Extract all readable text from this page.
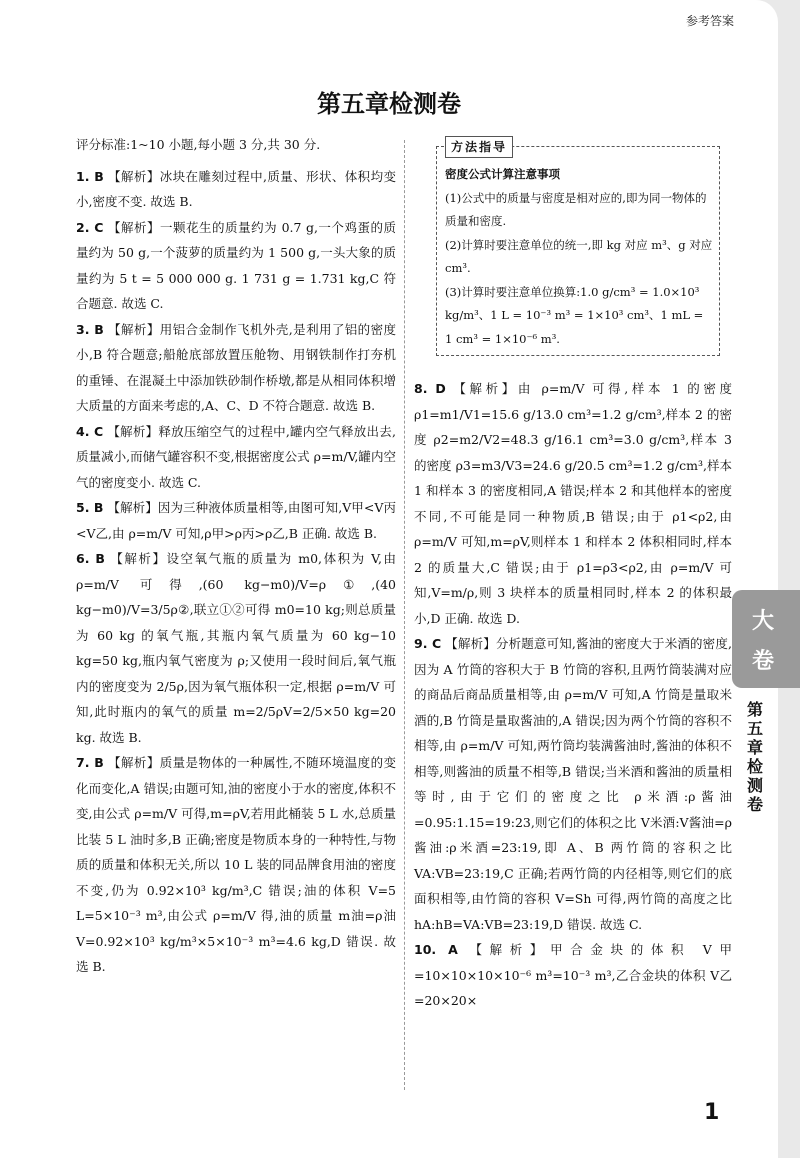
参考答案
第五章检测卷

评分标准:1~10 小题,每小题 3 分,共 30 分.

1. B 【解析】冰块在雕刻过程中,质量、形状、体积均变小,密度不变. 故选 B.

2. C 【解析】一颗花生的质量约为 0.7 g,一个鸡蛋的质量约为 50 g,一个菠萝的质量约为 1 500 g,一头大象的质量约为 5 t = 5 000 000 g. 1 731 g = 1.731 kg,C 符合题意. 故选 C.

3. B 【解析】用铝合金制作飞机外壳,是利用了铝的密度小,B 符合题意;船舱底部放置压舱物、用钢铁制作打夯机的重锤、在混凝土中添加铁砂制作桥墩,都是从相同体积增大质量的方面来考虑的,A、C、D 不符合题意. 故选 B.

4. C 【解析】释放压缩空气的过程中,罐内空气释放出去,质量减小,而储气罐容积不变,根据密度公式 ρ=m/V,罐内空气的密度变小. 故选 C.

5. B 【解析】因为三种液体质量相等,由图可知,V甲<V丙<V乙,由 ρ=m/V 可知,ρ甲>ρ丙>ρ乙,B 正确. 故选 B.

6. B 【解析】设空氧气瓶的质量为 m0,体积为 V,由 ρ=m/V 可得,(60 kg−m0)/V=ρ①,(40 kg−m0)/V=3/5ρ②,联立①②可得 m0=10 kg;则总质量为 60 kg 的氧气瓶,其瓶内氧气质量为 60 kg−10 kg=50 kg,瓶内氧气密度为 ρ;又使用一段时间后,氧气瓶内的密度变为 2/5ρ,因为氧气瓶体积一定,根据 ρ=m/V 可知,此时瓶内的氧气的质量 m=2/5ρV=2/5×50 kg=20 kg. 故选 B.

7. B 【解析】质量是物体的一种属性,不随环境温度的变化而变化,A 错误;由题可知,油的密度小于水的密度,体积不变,由公式 ρ=m/V 可得,m=ρV,若用此桶装 5 L 水,总质量比装 5 L 油时多,B 正确;密度是物质本身的一种特性,与物质的质量和体积无关,所以 10 L 装的同品牌食用油的密度不变,仍为 0.92×10³ kg/m³,C 错误;油的体积 V=5 L=5×10⁻³ m³,由公式 ρ=m/V 得,油的质量 m油=ρ油V=0.92×10³ kg/m³×5×10⁻³ m³=4.6 kg,D 错误. 故选 B.

方法指导

密度公式计算注意事项

(1)公式中的质量与密度是相对应的,即为同一物体的质量和密度.

(2)计算时要注意单位的统一,即 kg 对应 m³、g 对应 cm³.

(3)计算时要注意单位换算:1.0 g/cm³ = 1.0×10³ kg/m³、1 L = 10⁻³ m³ = 1×10³ cm³、1 mL = 1 cm³ = 1×10⁻⁶ m³.

8. D 【解析】由 ρ=m/V 可得,样本 1 的密度 ρ1=m1/V1=15.6 g/13.0 cm³=1.2 g/cm³,样本 2 的密度 ρ2=m2/V2=48.3 g/16.1 cm³=3.0 g/cm³,样本 3 的密度 ρ3=m3/V3=24.6 g/20.5 cm³=1.2 g/cm³,样本 1 和样本 3 的密度相同,A 错误;样本 2 和其他样本的密度不同,不可能是同一种物质,B 错误;由于 ρ1<ρ2,由 ρ=m/V 可知,m=ρV,则样本 1 和样本 2 体积相同时,样本 2 的质量大,C 错误;由于 ρ1=ρ3<ρ2,由 ρ=m/V 可知,V=m/ρ,则 3 块样本的质量相同时,样本 2 的体积最小,D 正确. 故选 D.

9. C 【解析】分析题意可知,酱油的密度大于米酒的密度,因为 A 竹筒的容积大于 B 竹筒的容积,且两竹筒装满对应的商品后商品质量相等,由 ρ=m/V 可知,A 竹筒是量取米酒的,B 竹筒是量取酱油的,A 错误;因为两个竹筒的容积不相等,由 ρ=m/V 可知,两竹筒均装满酱油时,酱油的体积不相等,则酱油的质量不相等,B 错误;当米酒和酱油的质量相等时,由于它们的密度之比 ρ米酒:ρ酱油=0.95:1.15=19:23,则它们的体积之比 V米酒:V酱油=ρ酱油:ρ米酒=23:19,即 A、B 两竹筒的容积之比 VA:VB=23:19,C 正确;若两竹筒的内径相等,则它们的底面积相等,由竹筒的容积 V=Sh 可得,两竹筒的高度之比 hA:hB=VA:VB=23:19,D 错误. 故选 C.

10. A 【解析】甲合金块的体积 V甲=10×10×10×10⁻⁶ m³=10⁻³ m³,乙合金块的体积 V乙=20×20×

1
大
卷
第
五
章
检
测
卷
